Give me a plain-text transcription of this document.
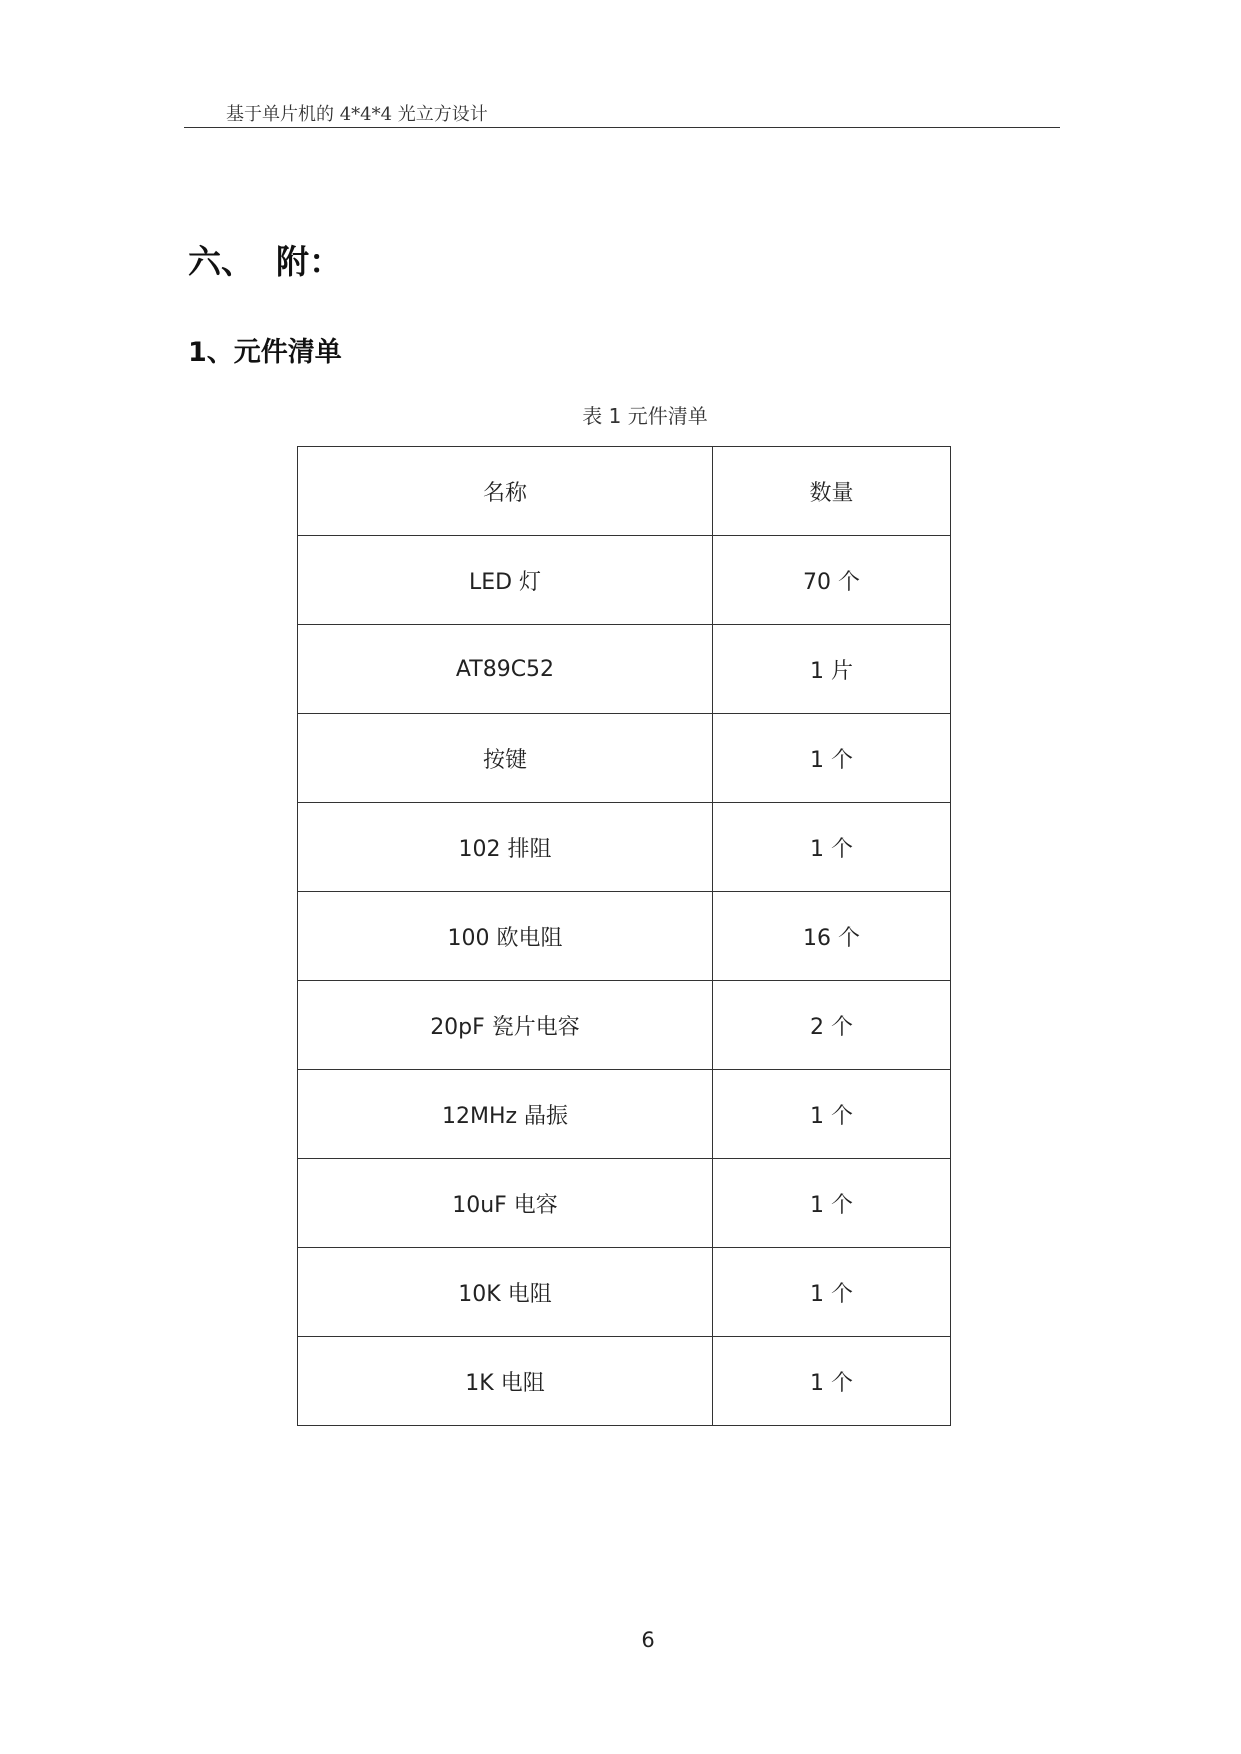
基于单片机的 4*4*4 光立方设计
六、 附：
1、元件清单
表 1 元件清单
名称	数量
LED 灯	70 个
AT89C52	1 片
按键	1 个
102 排阻	1 个
100 欧电阻	16 个
20pF 瓷片电容	2 个
12MHz 晶振	1 个
10uF 电容	1 个
10K 电阻	1 个
1K 电阻	1 个
6
